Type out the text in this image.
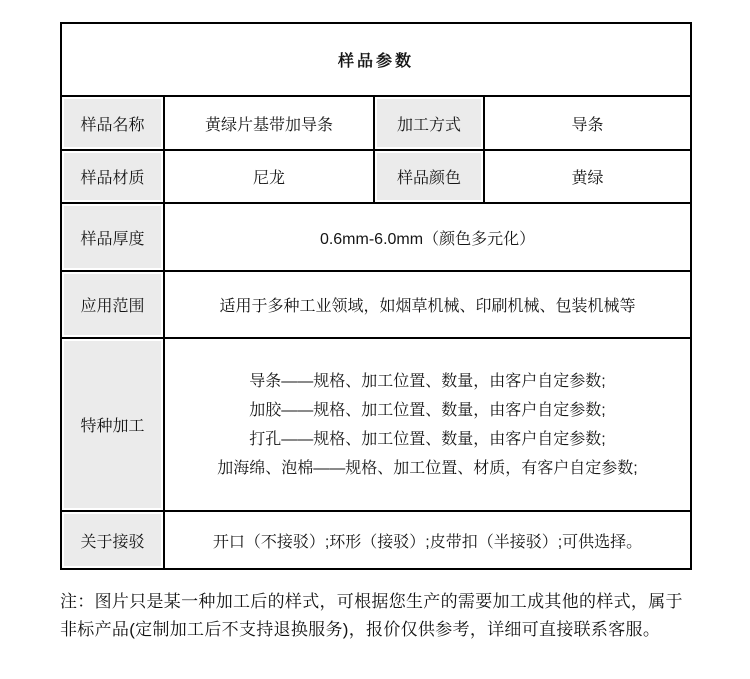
样品参数			
样品名称	黄绿片基带加导条	加工方式	导条
样品材质	尼龙	样品颜色	黄绿
样品厚度	0.6mm-6.0mm（颜色多元化）		
应用范围	适用于多种工业领域，如烟草机械、印刷机械、包装机械等		
特种加工	导条——规格、加工位置、数量，由客户自定参数;
加胶——规格、加工位置、数量，由客户自定参数;
打孔——规格、加工位置、数量，由客户自定参数;
加海绵、泡棉——规格、加工位置、材质，有客户自定参数;		

关于接驳	开口（不接驳）;环形（接驳）;皮带扣（半接驳）;可供选择。		
注：图片只是某一种加工后的样式，可根据您生产的需要加工成其他的样式，属于
非标产品(定制加工后不支持退换服务)，报价仅供参考，详细可直接联系客服。
